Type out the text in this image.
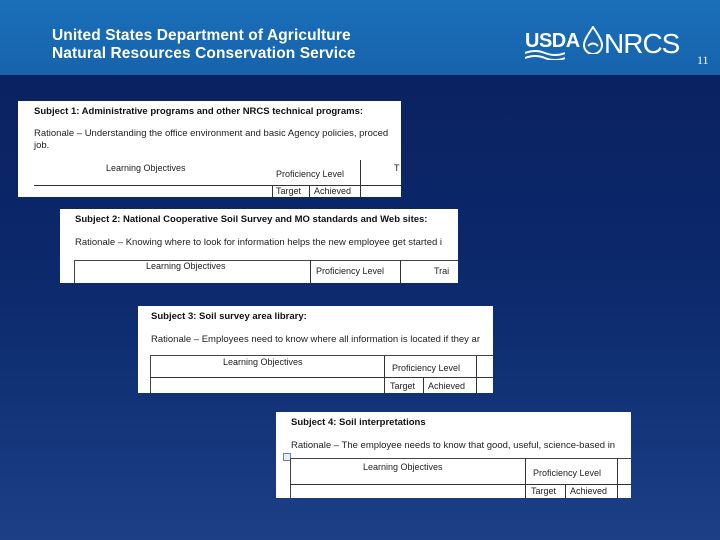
United States Department of Agriculture
Natural Resources Conservation Service
USDA NRCS
11
Subject 1: Administrative programs and other NRCS technical programs:
Rationale – Understanding the office environment and basic Agency policies, proced
job.
Learning Objectives
Proficiency Level
T
Target Achieved
Subject 2: National Cooperative Soil Survey and MO standards and Web sites:
Rationale – Knowing where to look for information helps the new employee get started i
Learning Objectives	Proficiency Level	Trai
Subject 3: Soil survey area library:
Rationale – Employees need to know where all information is located if they ar
Learning Objectives
Proficiency Level
Target Achieved
Subject 4: Soil interpretations
Rationale – The employee needs to know that good, useful, science-based in
Learning Objectives
Proficiency Level
Target Achieved
